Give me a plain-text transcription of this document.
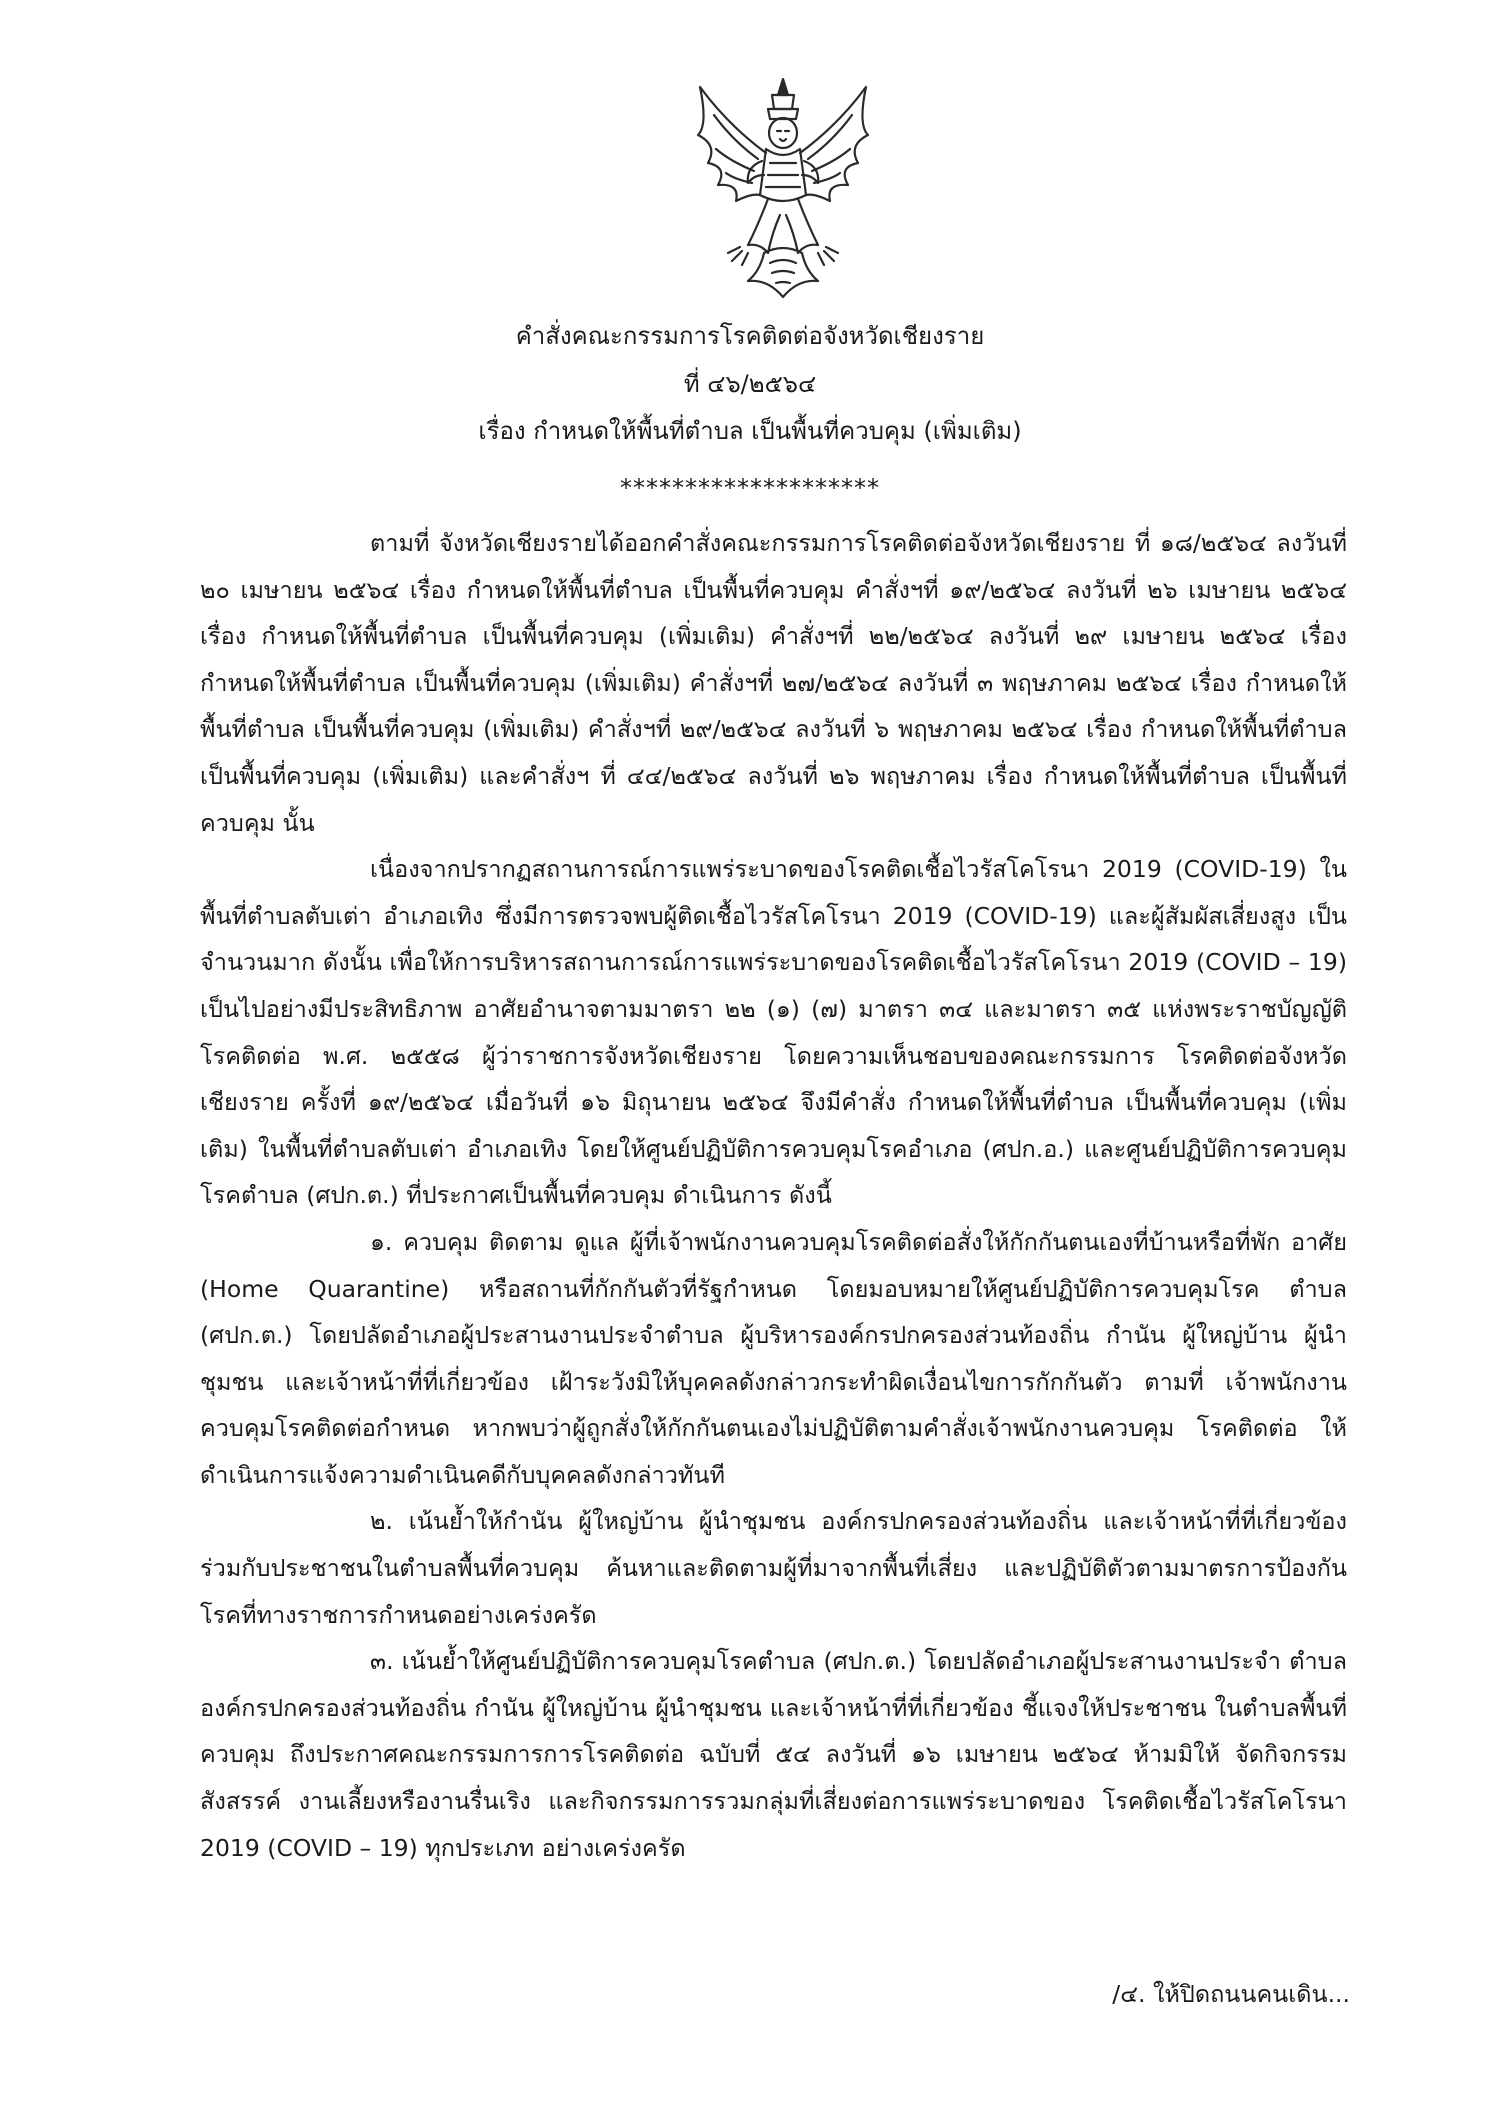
คำสั่งคณะกรรมการโรคติดต่อจังหวัดเชียงราย
ที่ ๔๖/๒๕๖๔
เรื่อง กำหนดให้พื้นที่ตำบล เป็นพื้นที่ควบคุม (เพิ่มเติม)
********************

ตามที่ จังหวัดเชียงรายได้ออกคำสั่งคณะกรรมการโรคติดต่อจังหวัดเชียงราย ที่ ๑๘/๒๕๖๔ ลงวันที่ ๒๐ เมษายน ๒๕๖๔ เรื่อง กำหนดให้พื้นที่ตำบล เป็นพื้นที่ควบคุม คำสั่งฯที่ ๑๙/๒๕๖๔ ลงวันที่ ๒๖ เมษายน ๒๕๖๔ เรื่อง กำหนดให้พื้นที่ตำบล เป็นพื้นที่ควบคุม (เพิ่มเติม) คำสั่งฯที่ ๒๒/๒๕๖๔ ลงวันที่ ๒๙ เมษายน ๒๕๖๔ เรื่อง กำหนดให้พื้นที่ตำบล เป็นพื้นที่ควบคุม (เพิ่มเติม) คำสั่งฯที่ ๒๗/๒๕๖๔ ลงวันที่ ๓ พฤษภาคม ๒๕๖๔ เรื่อง กำหนดให้พื้นที่ตำบล เป็นพื้นที่ควบคุม (เพิ่มเติม) คำสั่งฯที่ ๒๙/๒๕๖๔ ลงวันที่ ๖ พฤษภาคม ๒๕๖๔ เรื่อง กำหนดให้พื้นที่ตำบล เป็นพื้นที่ควบคุม (เพิ่มเติม) และคำสั่งฯ ที่ ๔๔/๒๕๖๔ ลงวันที่ ๒๖ พฤษภาคม เรื่อง กำหนดให้พื้นที่ตำบล เป็นพื้นที่ควบคุม นั้น

เนื่องจากปรากฏสถานการณ์การแพร่ระบาดของโรคติดเชื้อไวรัสโคโรนา 2019 (COVID-19) ในพื้นที่ตำบลตับเต่า อำเภอเทิง ซึ่งมีการตรวจพบผู้ติดเชื้อไวรัสโคโรนา 2019 (COVID-19) และผู้สัมผัสเสี่ยงสูง เป็นจำนวนมาก ดังนั้น เพื่อให้การบริหารสถานการณ์การแพร่ระบาดของโรคติดเชื้อไวรัสโคโรนา 2019 (COVID – 19) เป็นไปอย่างมีประสิทธิภาพ อาศัยอำนาจตามมาตรา ๒๒ (๑) (๗) มาตรา ๓๔ และมาตรา ๓๕ แห่งพระราชบัญญัติโรคติดต่อ พ.ศ. ๒๕๕๘ ผู้ว่าราชการจังหวัดเชียงราย โดยความเห็นชอบของคณะกรรมการ โรคติดต่อจังหวัดเชียงราย ครั้งที่ ๑๙/๒๕๖๔ เมื่อวันที่ ๑๖ มิถุนายน ๒๕๖๔ จึงมีคำสั่ง กำหนดให้พื้นที่ตำบล เป็นพื้นที่ควบคุม (เพิ่มเติม) ในพื้นที่ตำบลตับเต่า อำเภอเทิง โดยให้ศูนย์ปฏิบัติการควบคุมโรคอำเภอ (ศปก.อ.) และศูนย์ปฏิบัติการควบคุมโรคตำบล (ศปก.ต.) ที่ประกาศเป็นพื้นที่ควบคุม ดำเนินการ ดังนี้

๑. ควบคุม ติดตาม ดูแล ผู้ที่เจ้าพนักงานควบคุมโรคติดต่อสั่งให้กักกันตนเองที่บ้านหรือที่พัก อาศัย (Home Quarantine) หรือสถานที่กักกันตัวที่รัฐกำหนด โดยมอบหมายให้ศูนย์ปฏิบัติการควบคุมโรค ตำบล (ศปก.ต.) โดยปลัดอำเภอผู้ประสานงานประจำตำบล ผู้บริหารองค์กรปกครองส่วนท้องถิ่น กำนัน ผู้ใหญ่บ้าน ผู้นำชุมชน และเจ้าหน้าที่ที่เกี่ยวข้อง เฝ้าระวังมิให้บุคคลดังกล่าวกระทำผิดเงื่อนไขการกักกันตัว ตามที่ เจ้าพนักงานควบคุมโรคติดต่อกำหนด หากพบว่าผู้ถูกสั่งให้กักกันตนเองไม่ปฏิบัติตามคำสั่งเจ้าพนักงานควบคุม โรคติดต่อ ให้ดำเนินการแจ้งความดำเนินคดีกับบุคคลดังกล่าวทันที

๒. เน้นย้ำให้กำนัน ผู้ใหญ่บ้าน ผู้นำชุมชน องค์กรปกครองส่วนท้องถิ่น และเจ้าหน้าที่ที่เกี่ยวข้อง ร่วมกับประชาชนในตำบลพื้นที่ควบคุม ค้นหาและติดตามผู้ที่มาจากพื้นที่เสี่ยง และปฏิบัติตัวตามมาตรการป้องกัน โรคที่ทางราชการกำหนดอย่างเคร่งครัด

๓. เน้นย้ำให้ศูนย์ปฏิบัติการควบคุมโรคตำบล (ศปก.ต.) โดยปลัดอำเภอผู้ประสานงานประจำ ตำบล องค์กรปกครองส่วนท้องถิ่น กำนัน ผู้ใหญ่บ้าน ผู้นำชุมชน และเจ้าหน้าที่ที่เกี่ยวข้อง ชี้แจงให้ประชาชน ในตำบลพื้นที่ควบคุม ถึงประกาศคณะกรรมการการโรคติดต่อ ฉบับที่ ๕๔ ลงวันที่ ๑๖ เมษายน ๒๕๖๔ ห้ามมิให้ จัดกิจกรรมสังสรรค์ งานเลี้ยงหรืองานรื่นเริง และกิจกรรมการรวมกลุ่มที่เสี่ยงต่อการแพร่ระบาดของ โรคติดเชื้อไวรัสโคโรนา 2019 (COVID – 19) ทุกประเภท อย่างเคร่งครัด

/๔. ให้ปิดถนนคนเดิน...
